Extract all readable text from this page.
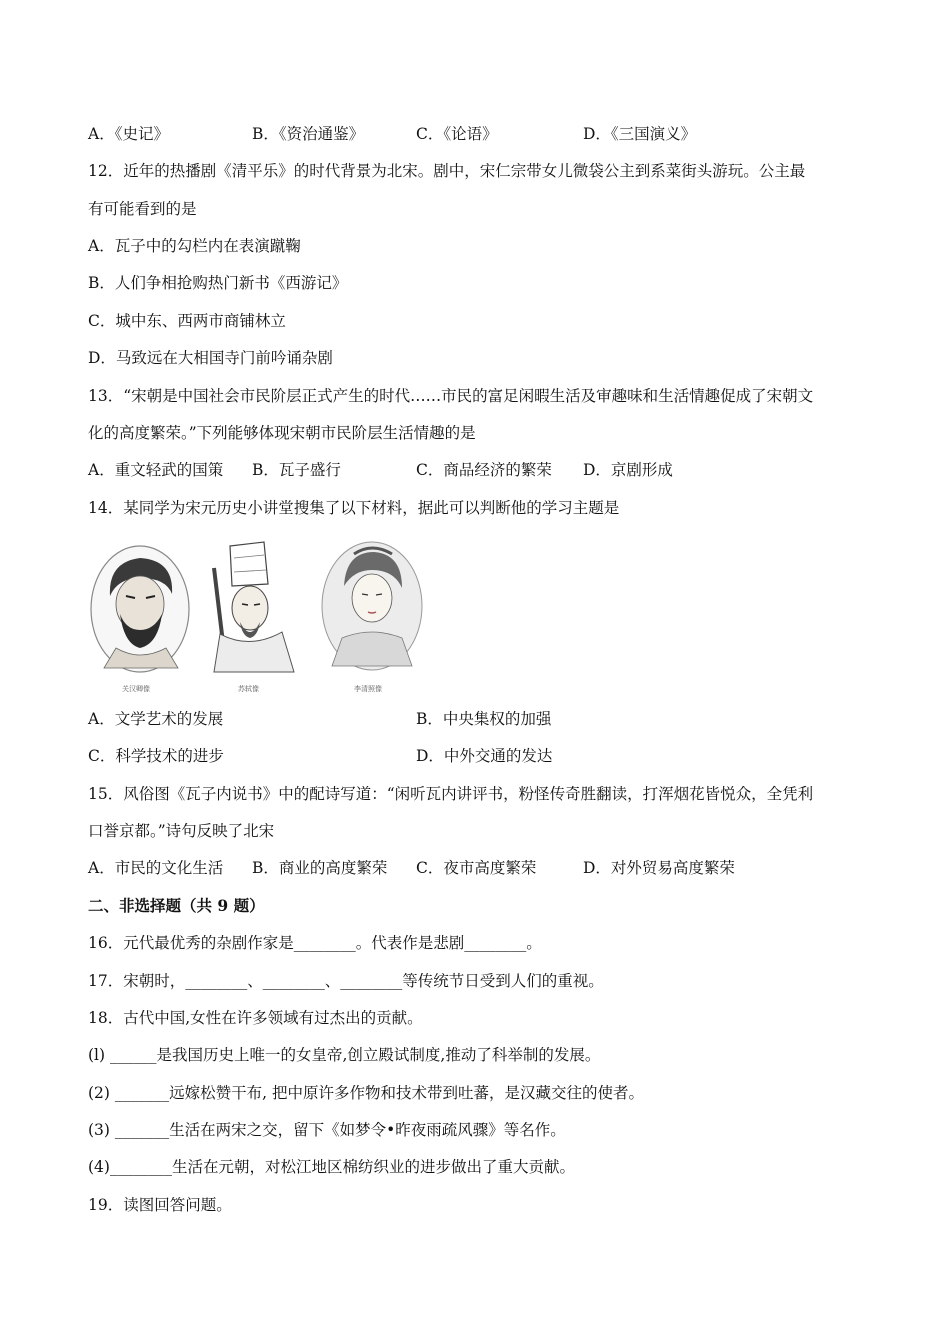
A．《史记》	B．《资治通鉴》	C．《论语》	D．《三国演义》
12．近年的热播剧《清平乐》的时代背景为北宋。剧中，宋仁宗带女儿微袋公主到系菜街头游玩。公主最
有可能看到的是
A．瓦子中的勾栏内在表演蹴鞠
B．人们争相抢购热门新书《西游记》
C．城中东、西两市商铺林立
D．马致远在大相国寺门前吟诵杂剧
13．“宋朝是中国社会市民阶层正式产生的时代……市民的富足闲暇生活及审趣味和生活情趣促成了宋朝文
化的高度繁荣。”下列能够体现宋朝市民阶层生活情趣的是
A．重文轻武的国策 B．瓦子盛行	C．商品经济的繁荣 D．京剧形成
14．某同学为宋元历史小讲堂搜集了以下材料，据此可以判断他的学习主题是
关汉卿像	苏轼像	李清照像
A．文学艺术的发展	B．中央集权的加强
C．科学技术的进步	D．中外交通的发达
15．风俗图《瓦子内说书》中的配诗写道：“闲听瓦内讲评书，粉怪传奇胜翻读，打浑烟花皆悦众，全凭利
口誉京都。”诗句反映了北宋
A．市民的文化生活 B．商业的高度繁荣 C．夜市高度繁荣	D．对外贸易高度繁荣
二、非选择题（共 9 题）
16．元代最优秀的杂剧作家是________。代表作是悲剧________。
17．宋朝时，________、________、________等传统节日受到人们的重视。
18．古代中国,女性在许多领域有过杰出的贡献。
(l) ______是我国历史上唯一的女皇帝,创立殿试制度,推动了科举制的发展。
(2) _______远嫁松赞干布, 把中原许多作物和技术带到吐蕃，是汉藏交往的使者。
(3) _______生活在两宋之交，留下《如梦令•昨夜雨疏风骤》等名作。
(4)________生活在元朝，对松江地区棉纺织业的进步做出了重大贡献。
19．读图回答问题。
